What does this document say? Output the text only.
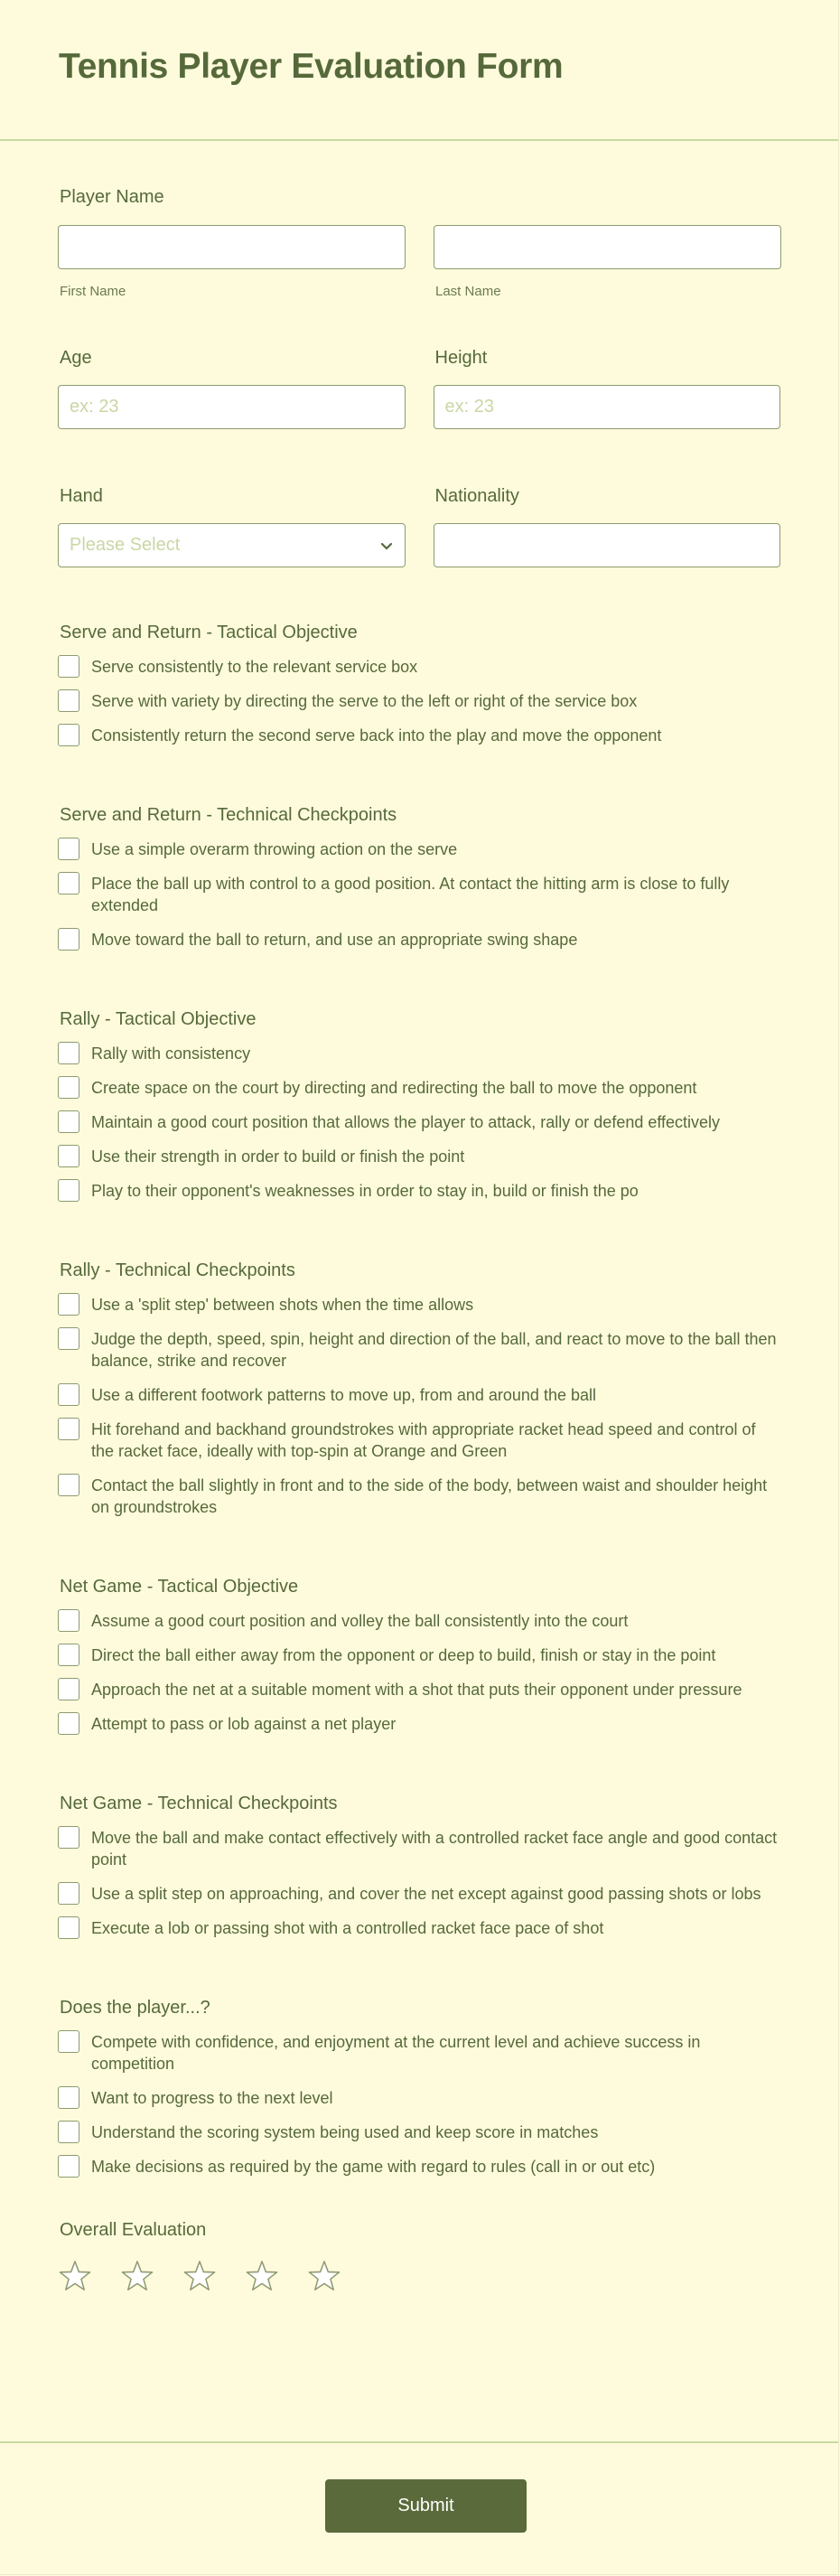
Tennis Player Evaluation Form
Player Name
First Name	Last Name
Age
ex: 23
Height
ex: 23
Hand
Please Select
Nationality
Serve and Return - Tactical Objective
Serve consistently to the relevant service box
Serve with variety by directing the serve to the left or right of the service box
Consistently return the second serve back into the play and move the opponent
Serve and Return - Technical Checkpoints
Use a simple overarm throwing action on the serve
Place the ball up with control to a good position. At contact the hitting arm is close to fully extended
Move toward the ball to return, and use an appropriate swing shape
Rally - Tactical Objective
Rally with consistency
Create space on the court by directing and redirecting the ball to move the opponent
Maintain a good court position that allows the player to attack, rally or defend effectively
Use their strength in order to build or finish the point
Play to their opponent's weaknesses in order to stay in, build or finish the po
Rally - Technical Checkpoints
Use a 'split step' between shots when the time allows
Judge the depth, speed, spin, height and direction of the ball, and react to move to the ball then balance, strike and recover
Use a different footwork patterns to move up, from and around the ball
Hit forehand and backhand groundstrokes with appropriate racket head speed and control of the racket face, ideally with top-spin at Orange and Green
Contact the ball slightly in front and to the side of the body, between waist and shoulder height on groundstrokes
Net Game - Tactical Objective
Assume a good court position and volley the ball consistently into the court
Direct the ball either away from the opponent or deep to build, finish or stay in the point
Approach the net at a suitable moment with a shot that puts their opponent under pressure
Attempt to pass or lob against a net player
Net Game - Technical Checkpoints
Move the ball and make contact effectively with a controlled racket face angle and good contact point
Use a split step on approaching, and cover the net except against good passing shots or lobs
Execute a lob or passing shot with a controlled racket face pace of shot
Does the player...?
Compete with confidence, and enjoyment at the current level and achieve success in competition
Want to progress to the next level
Understand the scoring system being used and keep score in matches
Make decisions as required by the game with regard to rules (call in or out etc)
Overall Evaluation
Submit
